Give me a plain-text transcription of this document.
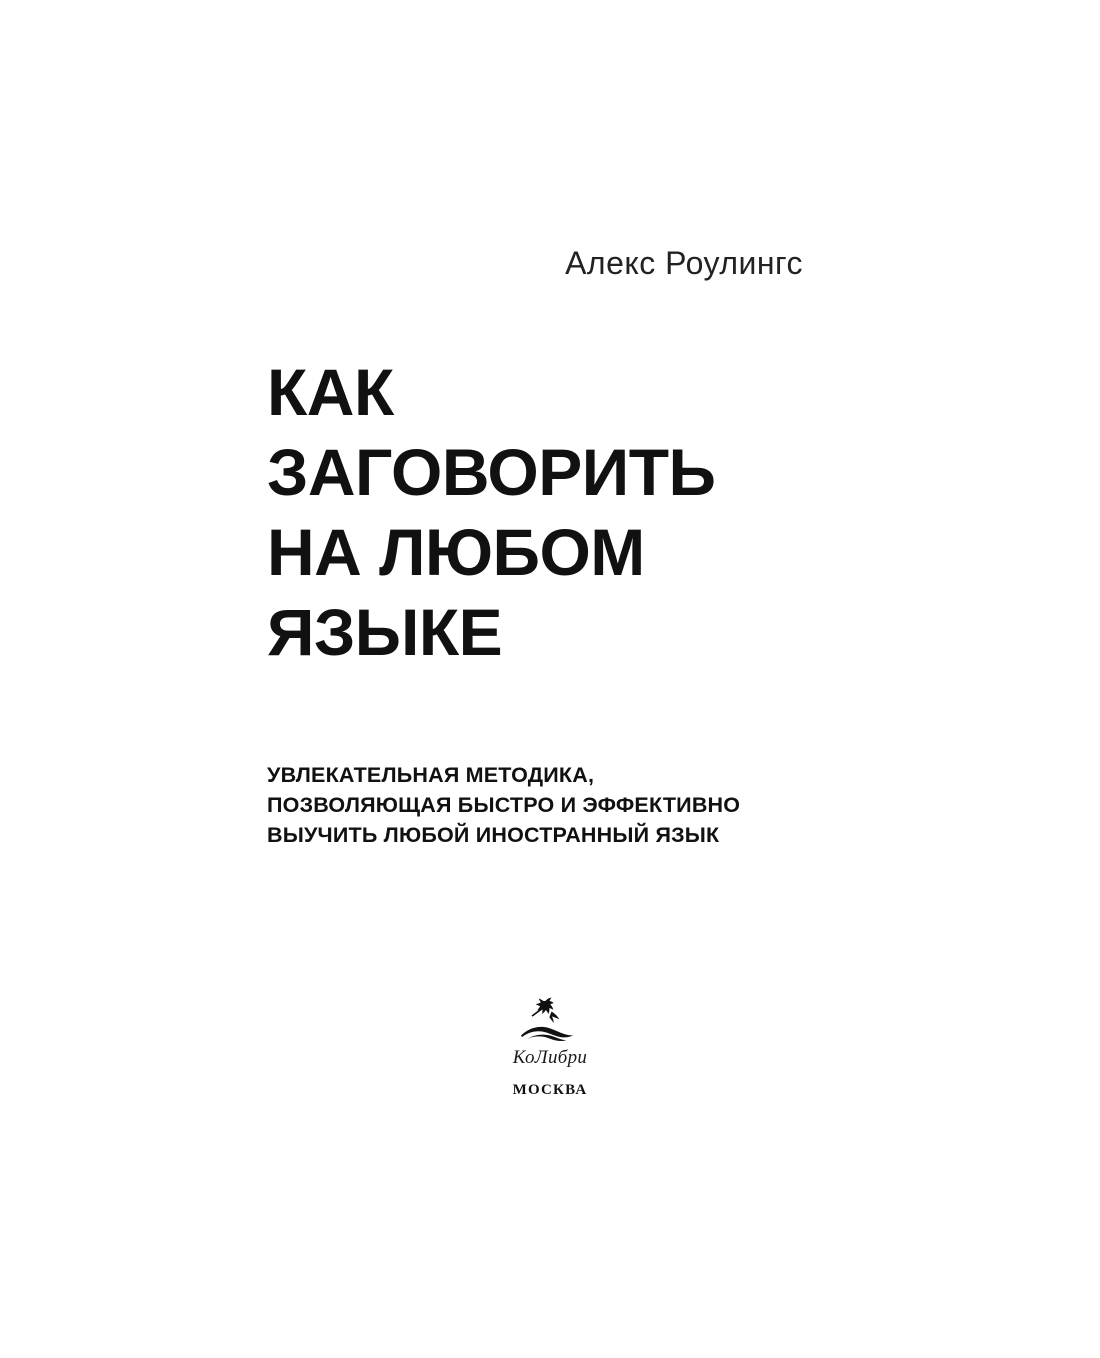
Алекс Роулингс
КАК
ЗАГОВОРИТЬ
НА ЛЮБОМ
ЯЗЫКЕ
УВЛЕКАТЕЛЬНАЯ МЕТОДИКА,
ПОЗВОЛЯЮЩАЯ БЫСТРО И ЭФФЕКТИВНО
ВЫУЧИТЬ ЛЮБОЙ ИНОСТРАННЫЙ ЯЗЫК
КоЛибри
МОСКВА
